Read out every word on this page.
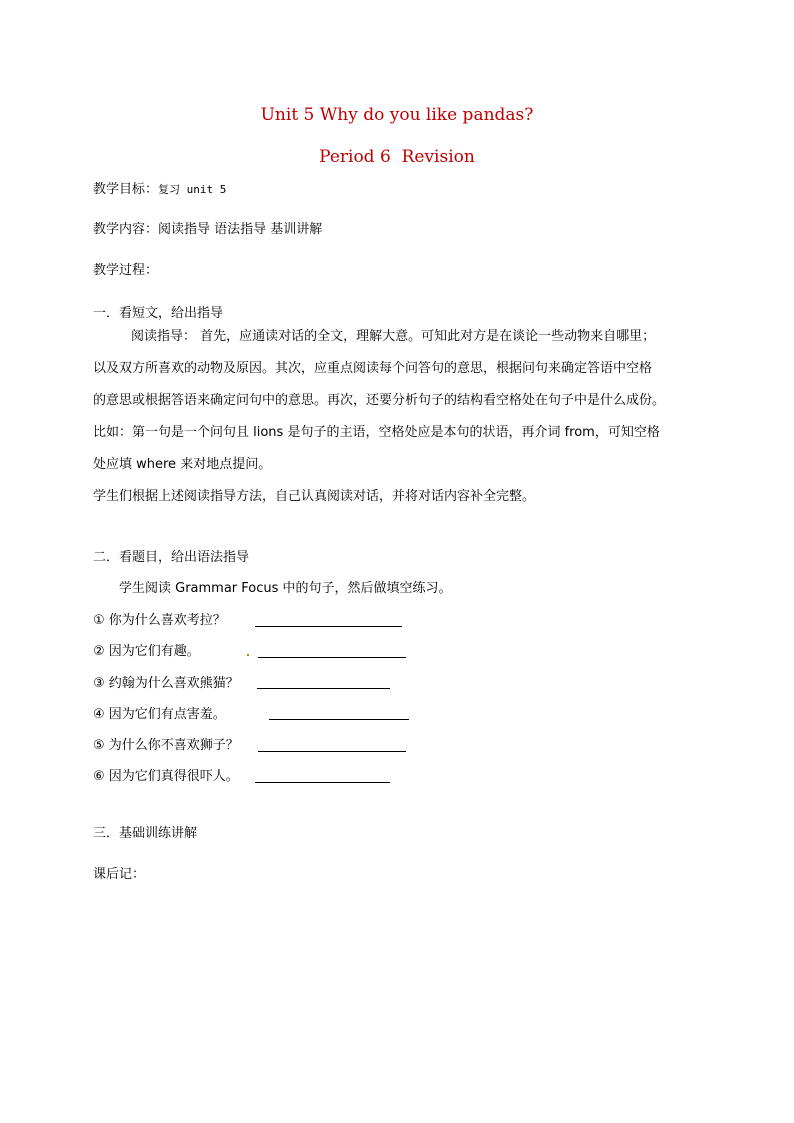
Unit 5 Why do you like pandas?
Period 6  Revision
教学目标：复习 unit 5
教学内容：阅读指导 语法指导 基训讲解
教学过程：
一．看短文，给出指导
阅读指导： 首先，应通读对话的全文，理解大意。可知此对方是在谈论一些动物来自哪里；
以及双方所喜欢的动物及原因。其次，应重点阅读每个问答句的意思，根据问句来确定答语中空格
的意思或根据答语来确定问句中的意思。再次，还要分析句子的结构看空格处在句子中是什么成份。
比如：第一句是一个问句且 lions 是句子的主语，空格处应是本句的状语，再介词 from，可知空格
处应填 where 来对地点提问。
学生们根据上述阅读指导方法，自己认真阅读对话，并将对话内容补全完整。
二．看题目，给出语法指导
学生阅读 Grammar Focus 中的句子，然后做填空练习。
① 你为什么喜欢考拉？
② 因为它们有趣。
③ 约翰为什么喜欢熊猫？
④ 因为它们有点害羞。
⑤ 为什么你不喜欢狮子？
⑥ 因为它们真得很吓人。
三．基础训练讲解
课后记：
